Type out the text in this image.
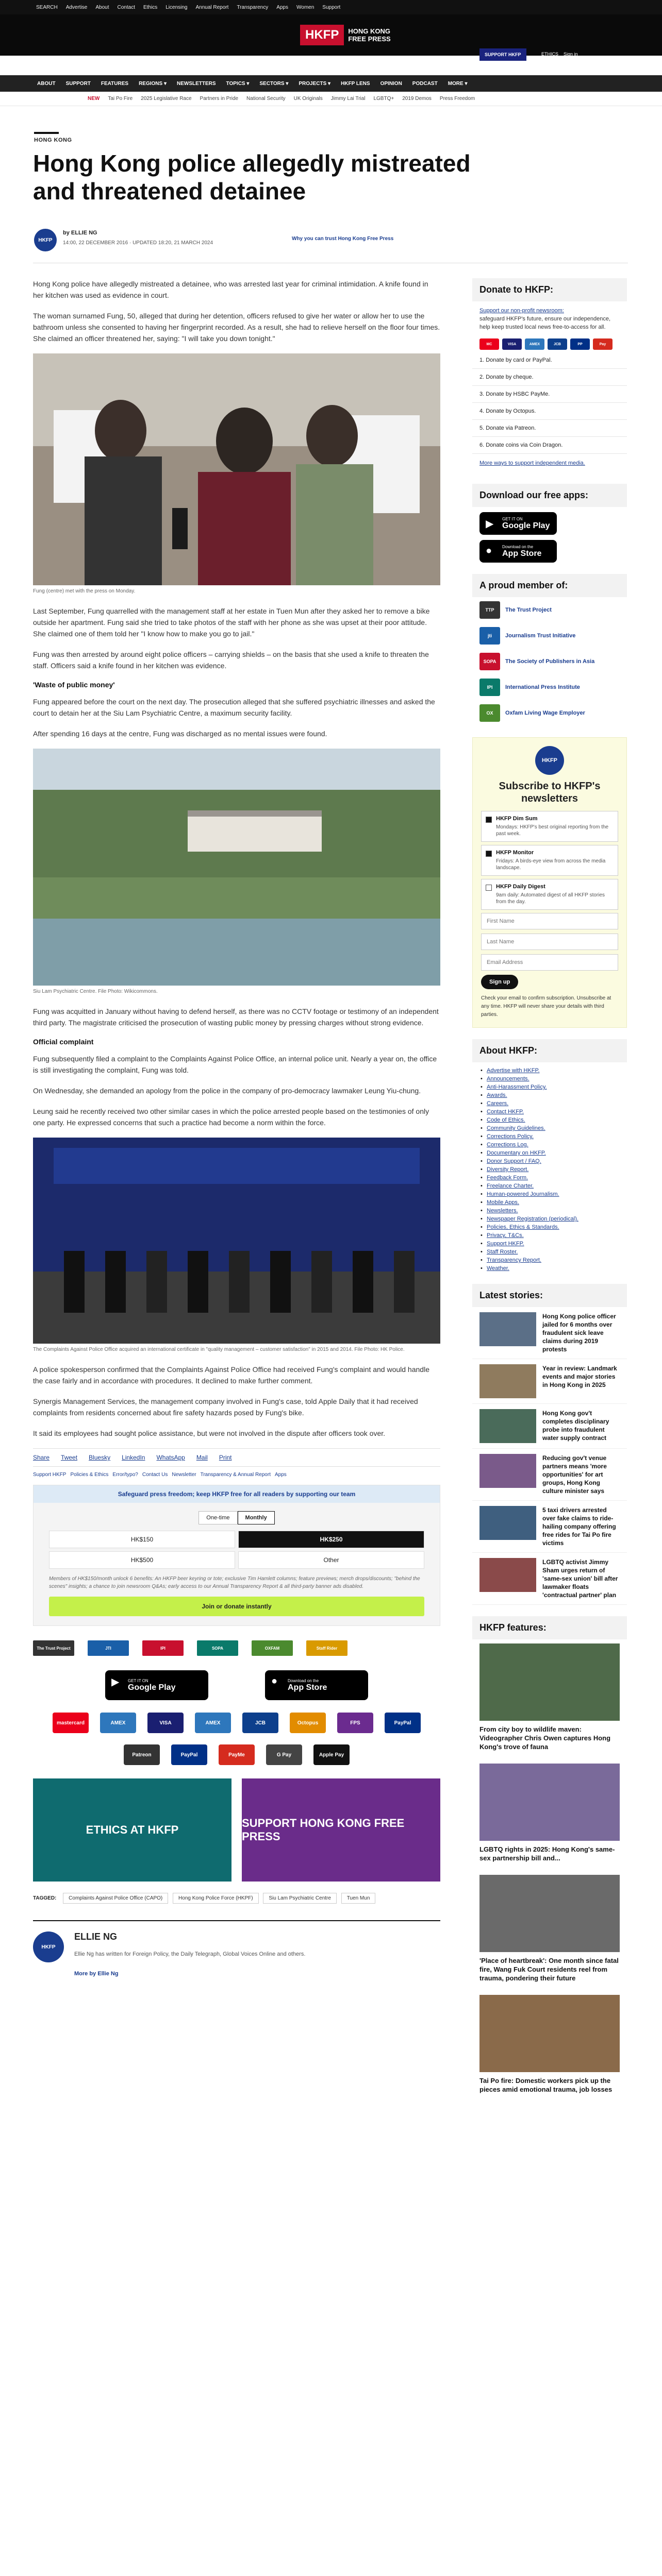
SEARCH Advertise About Contact Ethics Licensing Annual Report Transparency Apps Women Support
HKFP	HONG KONG
FREE PRESS
SUPPORT HKFP	ETHICS Sign in
ABOUT SUPPORT FEATURES REGIONS ▾ NEWSLETTERS TOPICS ▾ SECTORS ▾ PROJECTS ▾ HKFP LENS OPINION PODCAST MORE ▾
NEW Tai Po Fire 2025 Legislative Race Partners in Pride National Security UK Originals Jimmy Lai Trial LGBTQ+ 2019 Demos Press Freedom
HONG KONG
Hong Kong police allegedly mistreated and threatened detainee
HKFP
by ELLIE NG
14:00, 22 DECEMBER 2016 · UPDATED 18:20, 21 MARCH 2024
Why you can trust Hong Kong Free Press

Hong Kong police have allegedly mistreated a detainee, who was arrested last year for criminal intimidation. A knife found in her kitchen was used as evidence in court.

The woman surnamed Fung, 50, alleged that during her detention, officers refused to give her water or allow her to use the bathroom unless she consented to having her fingerprint recorded. As a result, she had to relieve herself on the floor four times. She claimed an officer threatened her, saying: "I will take you down tonight."

Fung (centre) met with the press on Monday.

Last September, Fung quarrelled with the management staff at her estate in Tuen Mun after they asked her to remove a bike outside her apartment. Fung said she tried to take photos of the staff with her phone as she was upset at their poor attitude. She claimed one of them told her "I know how to make you go to jail."

Fung was then arrested by around eight police officers – carrying shields – on the basis that she used a knife to threaten the staff. Officers said a knife found in her kitchen was evidence.

'Waste of public money'

Fung appeared before the court on the next day. The prosecution alleged that she suffered psychiatric illnesses and asked the court to detain her at the Siu Lam Psychiatric Centre, a maximum security facility.

After spending 16 days at the centre, Fung was discharged as no mental issues were found.

Siu Lam Psychiatric Centre. File Photo: Wikicommons.

Fung was acquitted in January without having to defend herself, as there was no CCTV footage or testimony of an independent third party. The magistrate criticised the prosecution of wasting public money by pressing charges without strong evidence.

Official complaint

Fung subsequently filed a complaint to the Complaints Against Police Office, an internal police unit. Nearly a year on, the office is still investigating the complaint, Fung was told.

On Wednesday, she demanded an apology from the police in the company of pro-democracy lawmaker Leung Yiu-chung.

Leung said he recently received two other similar cases in which the police arrested people based on the testimonies of only one party. He expressed concerns that such a practice had become a norm within the force.

The Complaints Against Police Office acquired an international certificate in "quality management – customer satisfaction" in 2015 and 2014. File Photo: HK Police.

A police spokesperson confirmed that the Complaints Against Police Office had received Fung's complaint and would handle the case fairly and in accordance with procedures. It declined to make further comment.

Synergis Management Services, the management company involved in Fung's case, told Apple Daily that it had received complaints from residents concerned about fire safety hazards posed by Fung's bike.

It said its employees had sought police assistance, but were not involved in the dispute after officers took over.

Share Tweet Bluesky LinkedIn WhatsApp Mail Print
Support HKFP Policies & Ethics Error/typo? Contact Us Newsletter Transparency & Annual Report Apps
Safeguard press freedom; keep HKFP free for all readers by supporting our team
One-time	Monthly
HK$150	HK$250
HK$500	Other
Members of HK$150/month unlock 6 benefits: An HKFP beer keyring or tote; exclusive Tim Hamlett columns; feature previews; merch drops/discounts; "behind the scenes" insights; a chance to join newsroom Q&As; early access to our Annual Transparency Report & all third-party banner ads disabled.
Join or donate instantly
The Trust Project	JTI	IPI	SOPA	OXFAM	Staff Rider
▶ GET IT ON
Google Play
● Download on the
App Store
mastercard	AMEX	VISA	AMEX	JCB	Octopus	FPS	PayPal
Patreon	PayPal	PayMe	G Pay	Apple Pay
ETHICS AT HKFP
SUPPORT HONG KONG FREE PRESS
TAGGED: Complaints Against Police Office (CAPO)	Hong Kong Police Force (HKPF)	Siu Lam Psychiatric Centre	Tuen Mun
HKFP
ELLIE NG
Ellie Ng has written for Foreign Policy, the Daily Telegraph, Global Voices Online and others.
More by Ellie Ng
Donate to HKFP:
Support our non-profit newsroom:
safeguard HKFP's future, ensure our independence, help keep trusted local news free-to-access for all.
MC	VISA	AMEX	JCB	PP	Pay
1. Donate by card or PayPal.
2. Donate by cheque.
3. Donate by HSBC PayMe.
4. Donate by Octopus.
5. Donate via Patreon.
6. Donate coins via Coin Dragon.
More ways to support independent media.
Download our free apps:
▶ GET IT ON
Google Play
● Download on the
App Store
A proud member of:
TTP	The Trust Project
jti	Journalism Trust Initiative
SOPA	The Society of Publishers in Asia
IPI	International Press Institute
OX	Oxfam Living Wage Employer
HKFP
Subscribe to HKFP's newsletters
HKFP Dim Sum
Mondays: HKFP's best original reporting from the past week.
HKFP Monitor
Fridays: A birds-eye view from across the media landscape.
HKFP Daily Digest
9am daily: Automated digest of all HKFP stories from the day.
First Name
Last Name
Email Address
Sign up
Check your email to confirm subscription. Unsubscribe at any time. HKFP will never share your details with third parties.
About HKFP:
• Advertise with HKFP.
• Announcements.
• Anti-Harassment Policy.
• Awards.
• Careers.
• Contact HKFP.
• Code of Ethics.
• Community Guidelines.
• Corrections Policy.
• Corrections Log.
• Documentary on HKFP.
• Donor Support / FAQ.
• Diversity Report.
• Feedback Form.
• Freelance Charter.
• Human-powered Journalism.
• Mobile Apps.
• Newsletters.
• Newspaper Registration (periodical).
• Policies, Ethics & Standards.
• Privacy, T&Cs.
• Support HKFP.
• Staff Roster.
• Transparency Report.
• Weather.
Latest stories:
Hong Kong police officer jailed for 6 months over fraudulent sick leave claims during 2019 protests
Year in review: Landmark events and major stories in Hong Kong in 2025
Hong Kong gov't completes disciplinary probe into fraudulent water supply contract
Reducing gov't venue partners means 'more opportunities' for art groups, Hong Kong culture minister says
5 taxi drivers arrested over fake claims to ride-hailing company offering free rides for Tai Po fire victims
LGBTQ activist Jimmy Sham urges return of 'same-sex union' bill after lawmaker floats 'contractual partner' plan
HKFP features:
From city boy to wildlife maven: Videographer Chris Owen captures Hong Kong's trove of fauna
LGBTQ rights in 2025: Hong Kong's same-sex partnership bill and...
'Place of heartbreak': One month since fatal fire, Wang Fuk Court residents reel from trauma, pondering their future
Tai Po fire: Domestic workers pick up the pieces amid emotional trauma, job losses
